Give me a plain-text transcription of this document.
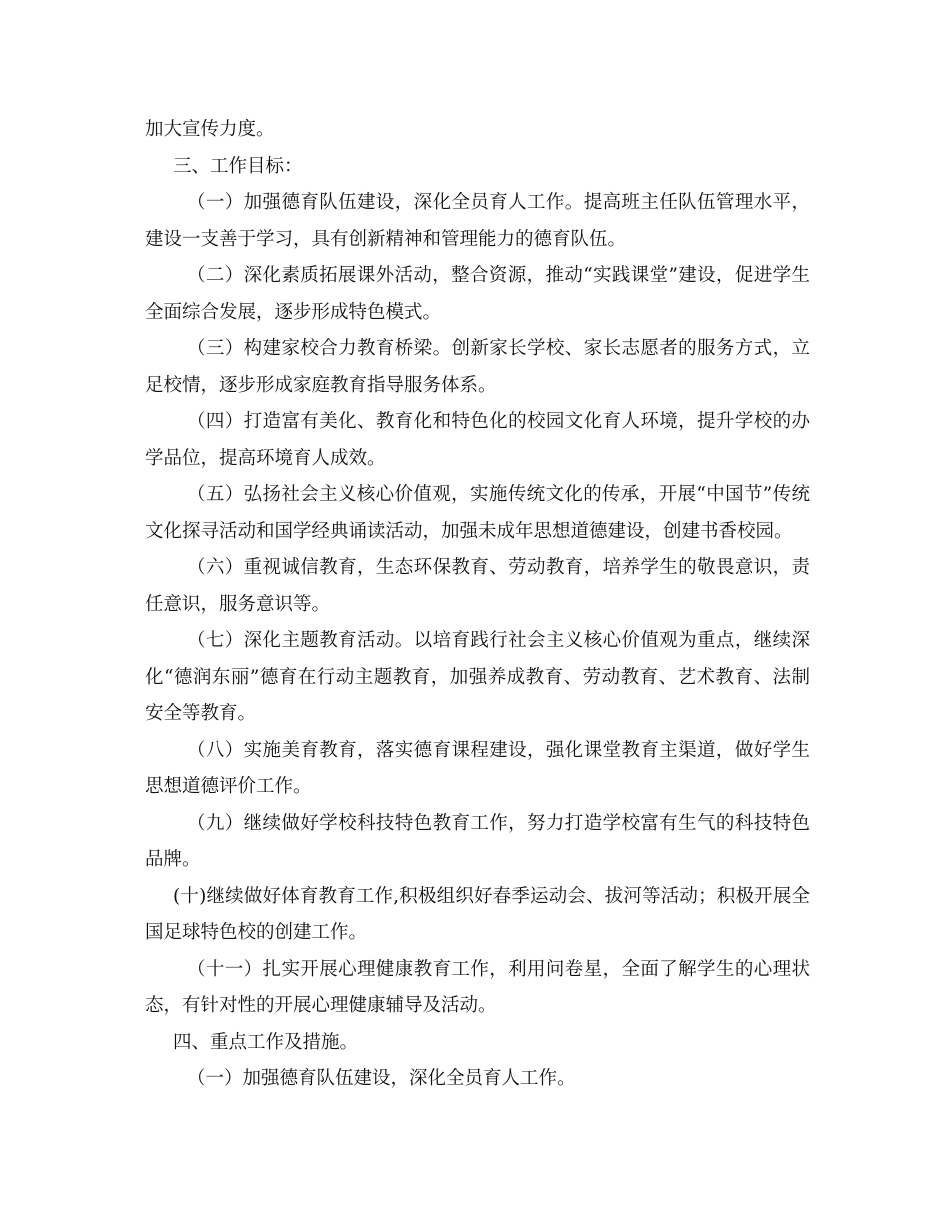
加大宣传力度。

三、工作目标：

（一）加强德育队伍建设，深化全员育人工作。提高班主任队伍管理水平，建设一支善于学习，具有创新精神和管理能力的德育队伍。

（二）深化素质拓展课外活动，整合资源，推动“实践课堂”建设，促进学生全面综合发展，逐步形成特色模式。

（三）构建家校合力教育桥梁。创新家长学校、家长志愿者的服务方式，立足校情，逐步形成家庭教育指导服务体系。

（四）打造富有美化、教育化和特色化的校园文化育人环境，提升学校的办学品位，提高环境育人成效。

（五）弘扬社会主义核心价值观，实施传统文化的传承，开展“中国节”传统文化探寻活动和国学经典诵读活动，加强未成年思想道德建设，创建书香校园。

（六）重视诚信教育，生态环保教育、劳动教育，培养学生的敬畏意识，责任意识，服务意识等。

（七）深化主题教育活动。以培育践行社会主义核心价值观为重点，继续深化“德润东丽”德育在行动主题教育，加强养成教育、劳动教育、艺术教育、法制安全等教育。

（八）实施美育教育，落实德育课程建设，强化课堂教育主渠道，做好学生思想道德评价工作。

（九）继续做好学校科技特色教育工作，努力打造学校富有生气的科技特色品牌。

(十)继续做好体育教育工作,积极组织好春季运动会、拔河等活动；积极开展全国足球特色校的创建工作。

（十一）扎实开展心理健康教育工作，利用问卷星，全面了解学生的心理状态，有针对性的开展心理健康辅导及活动。

四、重点工作及措施。

（一）加强德育队伍建设，深化全员育人工作。
